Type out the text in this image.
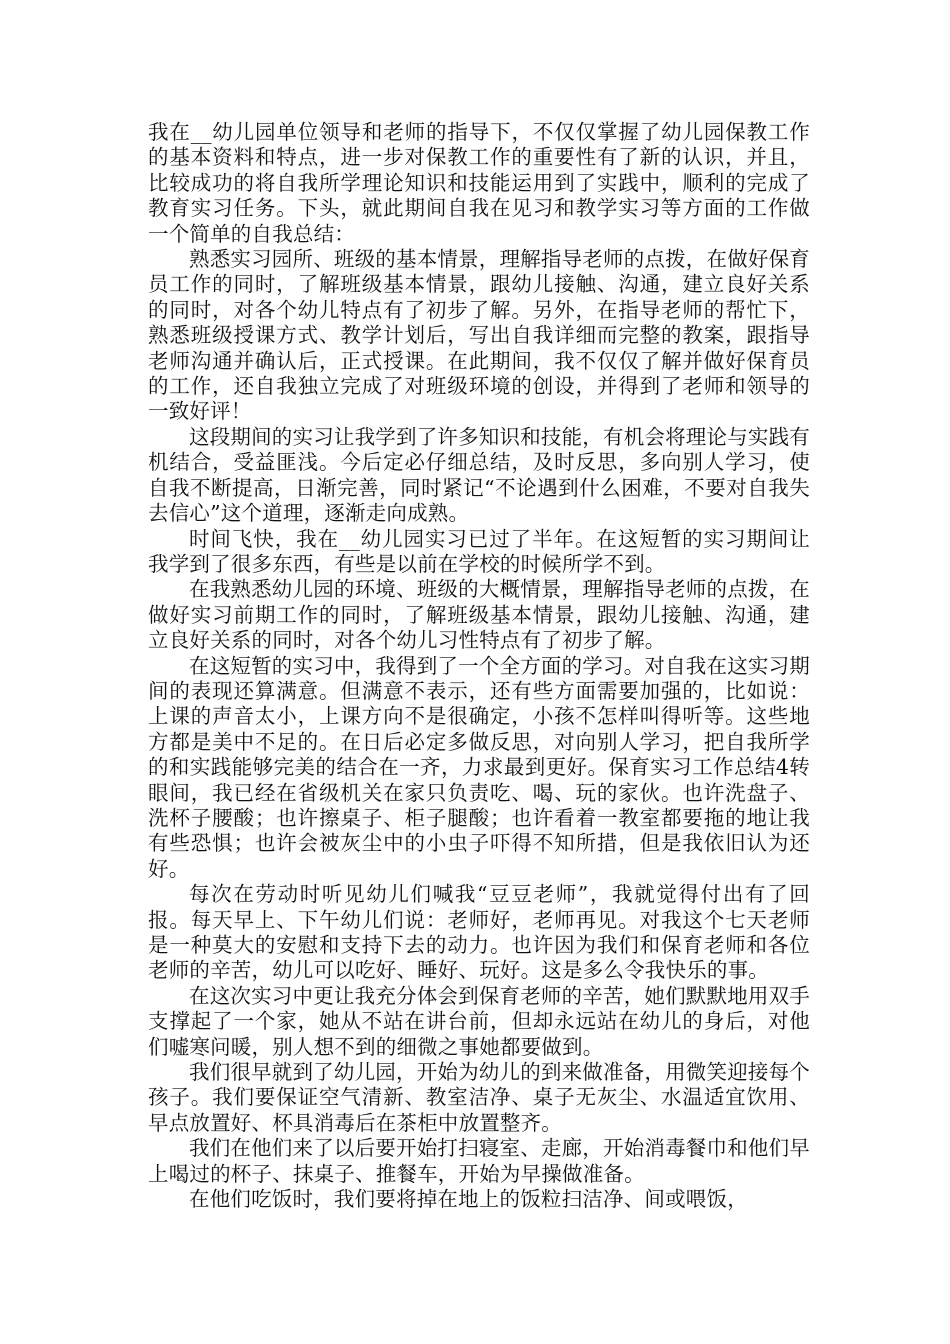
我在__幼儿园单位领导和老师的指导下，不仅仅掌握了幼儿园保教工作的基本资料和特点，进一步对保教工作的重要性有了新的认识，并且，比较成功的将自我所学理论知识和技能运用到了实践中，顺利的完成了教育实习任务。下头，就此期间自我在见习和教学实习等方面的工作做一个简单的自我总结：

熟悉实习园所、班级的基本情景，理解指导老师的点拨，在做好保育员工作的同时，了解班级基本情景，跟幼儿接触、沟通，建立良好关系的同时，对各个幼儿特点有了初步了解。另外，在指导老师的帮忙下，熟悉班级授课方式、教学计划后，写出自我详细而完整的教案，跟指导老师沟通并确认后，正式授课。在此期间，我不仅仅了解并做好保育员的工作，还自我独立完成了对班级环境的创设，并得到了老师和领导的一致好评！

这段期间的实习让我学到了许多知识和技能，有机会将理论与实践有机结合，受益匪浅。今后定必仔细总结，及时反思，多向别人学习，使自我不断提高，日渐完善，同时紧记“不论遇到什么困难，不要对自我失去信心”这个道理，逐渐走向成熟。

时间飞快，我在__幼儿园实习已过了半年。在这短暂的实习期间让我学到了很多东西，有些是以前在学校的时候所学不到。

在我熟悉幼儿园的环境、班级的大概情景，理解指导老师的点拨，在做好实习前期工作的同时，了解班级基本情景，跟幼儿接触、沟通，建立良好关系的同时，对各个幼儿习性特点有了初步了解。

在这短暂的实习中，我得到了一个全方面的学习。对自我在这实习期间的表现还算满意。但满意不表示，还有些方面需要加强的，比如说：上课的声音太小，上课方向不是很确定，小孩不怎样叫得听等。这些地方都是美中不足的。在日后必定多做反思，对向别人学习，把自我所学的和实践能够完美的结合在一齐，力求最到更好。保育实习工作总结4转眼间，我已经在省级机关在家只负责吃、喝、玩的家伙。也许洗盘子、洗杯子腰酸；也许擦桌子、柜子腿酸；也许看着一教室都要拖的地让我有些恐惧；也许会被灰尘中的小虫子吓得不知所措，但是我依旧认为还好。

每次在劳动时听见幼儿们喊我“豆豆老师”，我就觉得付出有了回报。每天早上、下午幼儿们说：老师好，老师再见。对我这个七天老师是一种莫大的安慰和支持下去的动力。也许因为我们和保育老师和各位老师的辛苦，幼儿可以吃好、睡好、玩好。这是多么令我快乐的事。

在这次实习中更让我充分体会到保育老师的辛苦，她们默默地用双手支撑起了一个家，她从不站在讲台前，但却永远站在幼儿的身后，对他们嘘寒问暖，别人想不到的细微之事她都要做到。

我们很早就到了幼儿园，开始为幼儿的到来做准备，用微笑迎接每个孩子。我们要保证空气清新、教室洁净、桌子无灰尘、水温适宜饮用、早点放置好、杯具消毒后在茶柜中放置整齐。

我们在他们来了以后要开始打扫寝室、走廊，开始消毒餐巾和他们早上喝过的杯子、抹桌子、推餐车，开始为早操做准备。

在他们吃饭时，我们要将掉在地上的饭粒扫洁净、间或喂饭，
